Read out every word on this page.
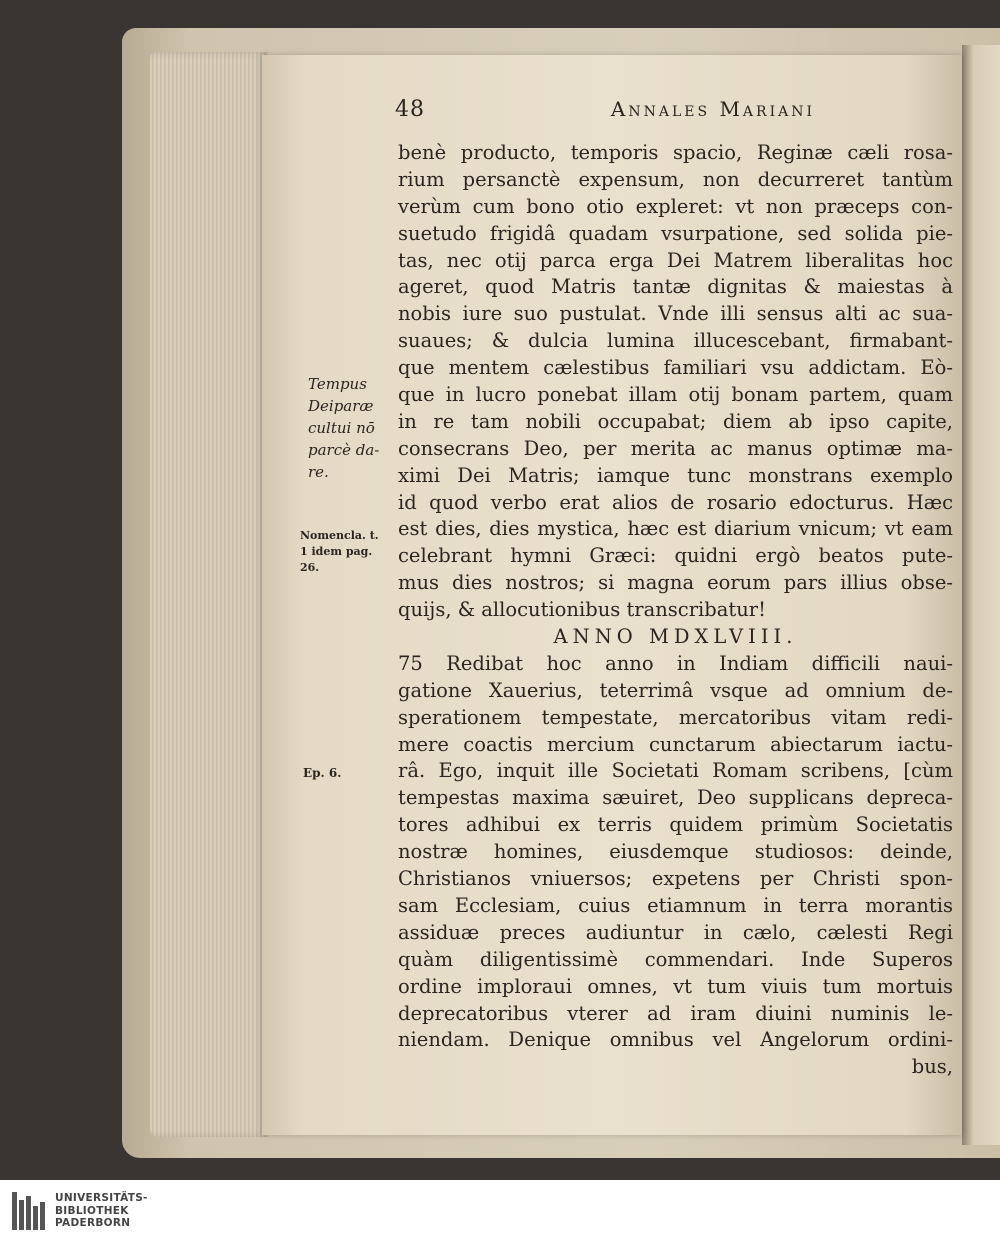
48	Annales Mariani
benè producto, temporis spacio, Reginæ cæli rosa-
rium persanctè expensum, non decurreret tantùm
verùm cum bono otio expleret: vt non præceps con-
suetudo frigidâ quadam vsurpatione, sed solida pie-
tas, nec otij parca erga Dei Matrem liberalitas hoc
ageret, quod Matris tantæ dignitas & maiestas à
nobis iure suo pustulat. Vnde illi sensus alti ac sua-
suaues; & dulcia lumina illucescebant, firmabant-
que mentem cælestibus familiari vsu addictam. Eò-
que in lucro ponebat illam otij bonam partem, quam
in re tam nobili occupabat; diem ab ipso capite,
consecrans Deo, per merita ac manus optimæ ma-
ximi Dei Matris; iamque tunc monstrans exemplo
id quod verbo erat alios de rosario edocturus. Hæc
est dies, dies mystica, hæc est diarium vnicum; vt eam
celebrant hymni Græci: quidni ergò beatos pute-
mus dies nostros; si magna eorum pars illius obse-
quijs, & allocutionibus transcribatur!
ANNO MDXLVIII.
75 Redibat hoc anno in Indiam difficili naui-
gatione Xauerius, teterrimâ vsque ad omnium de-
sperationem tempestate, mercatoribus vitam redi-
mere coactis mercium cunctarum abiectarum iactu-
râ. Ego, inquit ille Societati Romam scribens, [cùm
tempestas maxima sæuiret, Deo supplicans depreca-
tores adhibui ex terris quidem primùm Societatis
nostræ homines, eiusdemque studiosos: deinde,
Christianos vniuersos; expetens per Christi spon-
sam Ecclesiam, cuius etiamnum in terra morantis
assiduæ preces audiuntur in cælo, cælesti Regi
quàm diligentissimè commendari. Inde Superos
ordine imploraui omnes, vt tum viuis tum mortuis
deprecatoribus vterer ad iram diuini numinis le-
niendam. Denique omnibus vel Angelorum ordini-
bus,
Tempus Deiparæ cultui nō parcè da-re.
Nomencla. t. 1 idem pag. 26.
Ep. 6.
UNIVERSITÄTS-
BIBLIOTHEK
PADERBORN
